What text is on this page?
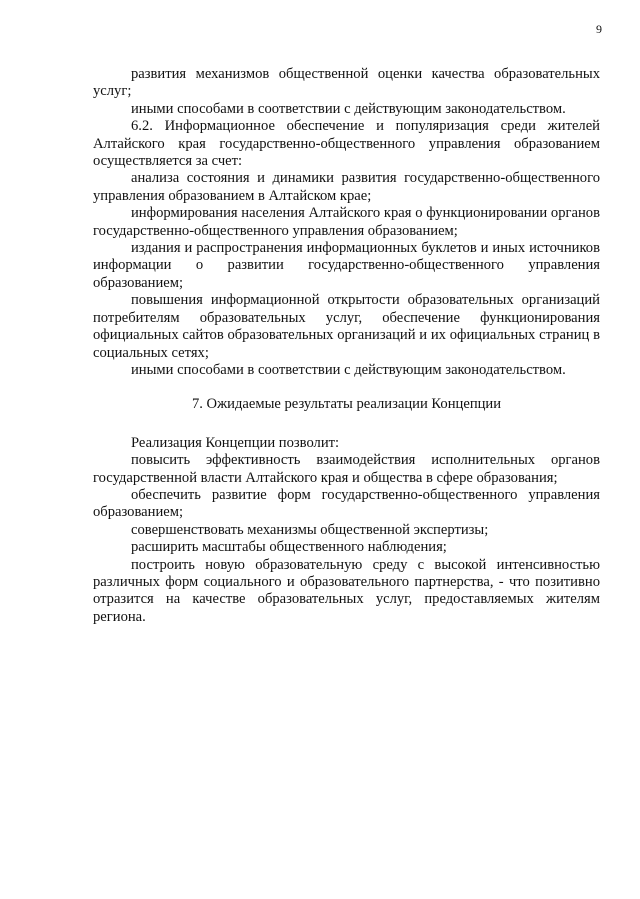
9

развития механизмов общественной оценки качества образовательных услуг;

иными способами в соответствии с действующим законодательством.

6.2. Информационное обеспечение и популяризация среди жителей Алтайского края государственно-общественного управления образованием осуществляется за счет:

анализа состояния и динамики развития государственно-общественного управления образованием в Алтайском крае;

информирования населения Алтайского края о функционировании органов государственно-общественного управления образованием;

издания и распространения информационных буклетов и иных источников информации о развитии государственно-общественного управления образованием;

повышения информационной открытости образовательных организаций потребителям образовательных услуг, обеспечение функционирования официальных сайтов образовательных организаций и их официальных страниц в социальных сетях;

иными способами в соответствии с действующим законодательством.

7. Ожидаемые результаты реализации Концепции

Реализация Концепции позволит:

повысить эффективность взаимодействия исполнительных органов государственной власти Алтайского края и общества в сфере образования;

обеспечить развитие форм государственно-общественного управления образованием;

совершенствовать механизмы общественной экспертизы;

расширить масштабы общественного наблюдения;

построить новую образовательную среду с высокой интенсивностью различных форм социального и образовательного партнерства, - что позитивно отразится на качестве образовательных услуг, предоставляемых жителям региона.
